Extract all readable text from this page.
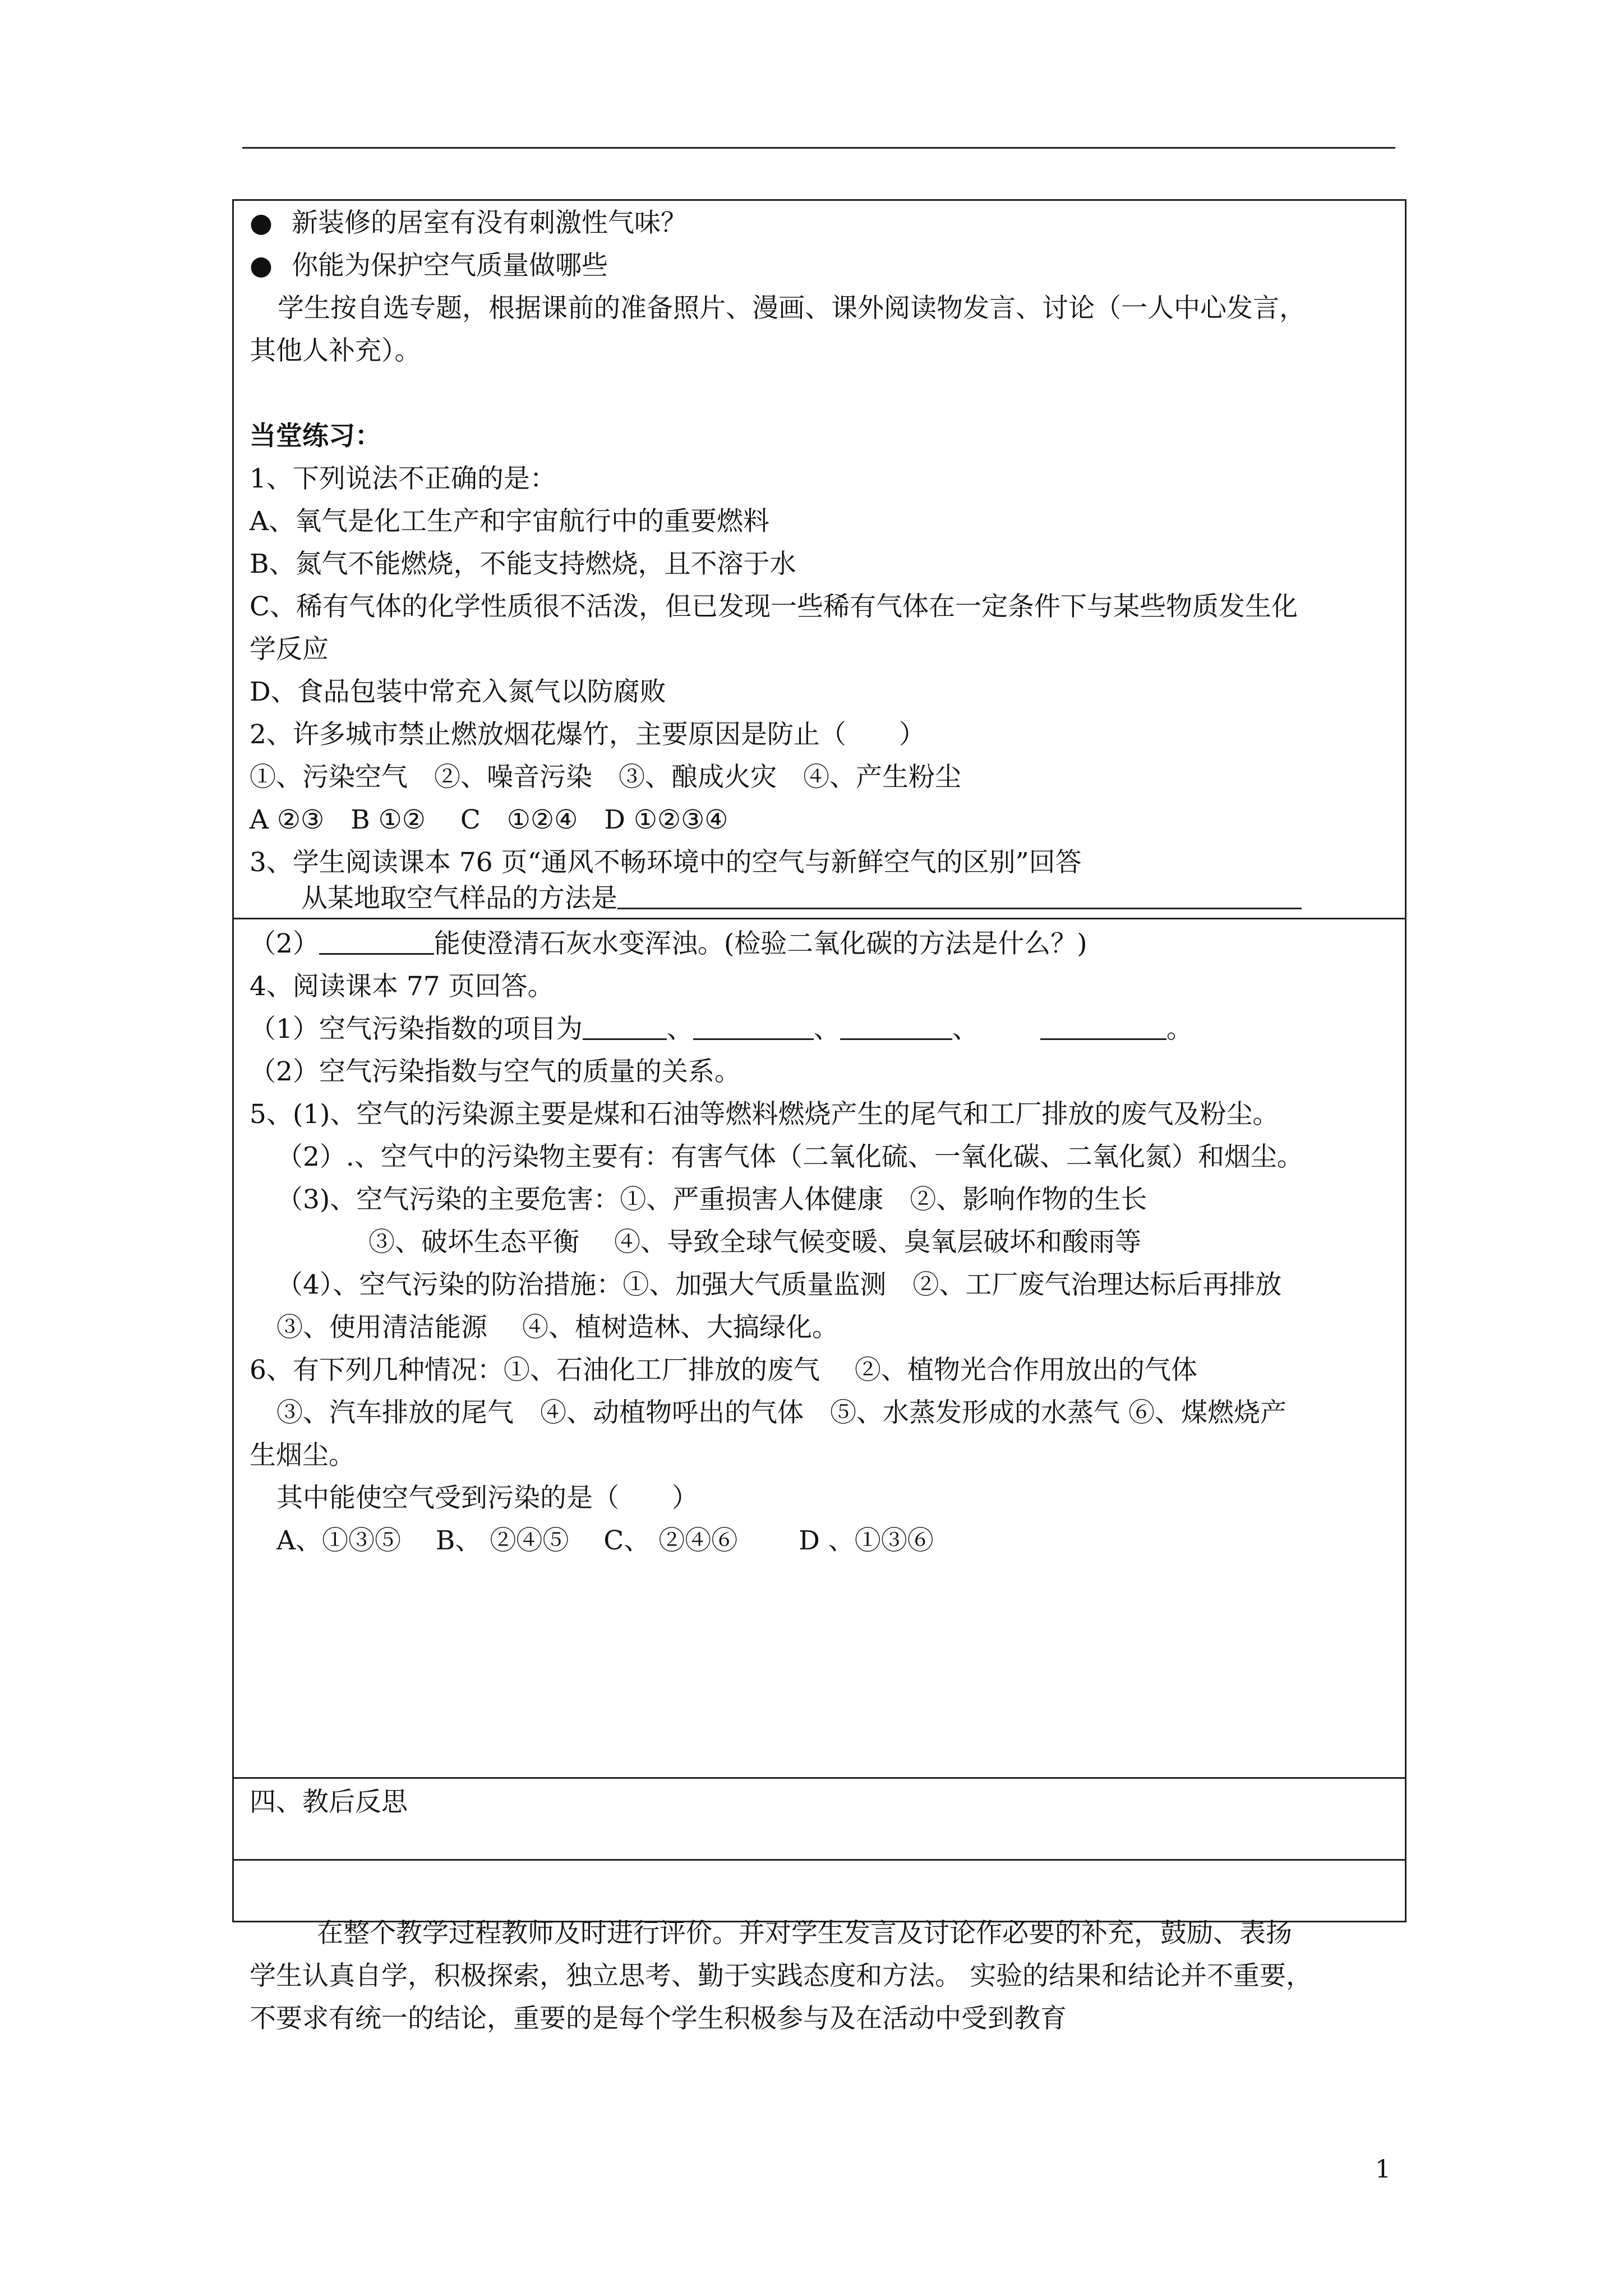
● 新装修的居室有没有刺激性气味？
● 你能为保护空气质量做哪些
学生按自选专题，根据课前的准备照片、漫画、课外阅读物发言、讨论（一人中心发言，
其他人补充）。
当堂练习：
1、下列说法不正确的是：
A、氧气是化工生产和宇宙航行中的重要燃料
B、氮气不能燃烧，不能支持燃烧，且不溶于水
C、稀有气体的化学性质很不活泼，但已发现一些稀有气体在一定条件下与某些物质发生化
学反应
D、食品包装中常充入氮气以防腐败
2、许多城市禁止燃放烟花爆竹，主要原因是防止（　　）
①、污染空气　②、噪音污染　③、酿成火灾　④、产生粉尘
A ②③　B ①②　 C　①②④　D ①②③④
3、学生阅读课本 76 页“通风不畅环境中的空气与新鲜空气的区别”回答
从某地取空气样品的方法是
（2）	能使澄清石灰水变浑浊。(检验二氧化碳的方法是什么？)
4、阅读课本 77 页回答。
（1）空气污染指数的项目为	、	、	、	。
（2）空气污染指数与空气的质量的关系。
5、(1)、空气的污染源主要是煤和石油等燃料燃烧产生的尾气和工厂排放的废气及粉尘。
（2）.、空气中的污染物主要有：有害气体（二氧化硫、一氧化碳、二氧化氮）和烟尘。
（3)、空气污染的主要危害：①、严重损害人体健康　②、影响作物的生长
③、破坏生态平衡　 ④、导致全球气候变暖、臭氧层破坏和酸雨等
（4）、空气污染的防治措施：①、加强大气质量监测　②、工厂废气治理达标后再排放
③、使用清洁能源　 ④、植树造林、大搞绿化。
6、有下列几种情况：①、石油化工厂排放的废气　 ②、植物光合作用放出的气体
③、汽车排放的尾气　④、动植物呼出的气体　⑤、水蒸发形成的水蒸气 ⑥、煤燃烧产
生烟尘。
其中能使空气受到污染的是（　　）
A、①③⑤　 B、 ②④⑤　 C、 ②④⑥　　 D 、①③⑥
四、教后反思
在整个教学过程教师及时进行评价。并对学生发言及讨论作必要的补充，鼓励、表扬
学生认真自学，积极探索，独立思考、勤于实践态度和方法。 实验的结果和结论并不重要，
不要求有统一的结论，重要的是每个学生积极参与及在活动中受到教育
1
